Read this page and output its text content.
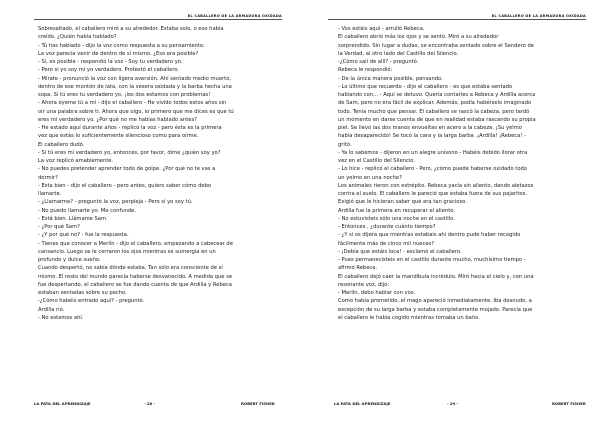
EL CABALLERO DE LA ARMADURA OXIDADA

Sobresaltado, el caballero miró a su alrededor. Estaba solo, o eso había

creído. ¿Quién había hablado?

- Tú has hablado - dijo la voz como respuesta a su pensamiento.

La voz parecía venir de dentro de sí mismo. ¿Eso era posible?

- Sí, es posible - respondió la voz - Soy tu verdadero yo.

- Pero si yo soy mi yo verdadero. Protestó el caballero.

- Mírate - pronunció la voz con ligera aversión. Ahí sentado medio muerto,

dentro de ese montón de lata, con la vesera oxidada y la barba hecha una

sopa. Si tú eres tu verdadero yo, ¡los dos estamos con problemas!

- Ahora óyeme tú a mí - dijo el caballero - He vivido todos estos años sin

oír una palabra sobre ti. Ahora que oigo, lo primero que me dices es que tú

eres mi verdadero yo. ¿Por qué no me habías hablado antes?

- He estado aquí durante años - replicó la voz - pero ésta es la primera

vez que estás lo suficientemente silencioso como para oírme.

El caballero dudó.

- Si tú eres mi verdadero yo, entonces, por favor, dime ¿quién soy yo?

La voz replicó amablemente.

- No puedes pretender aprender todo de golpe. ¿Por qué no te vas a

dormir?

- Esta bien - dijo el caballero - pero antes, quiero saber cómo debo

llamarte.

- ¿Llamarme? - preguntó la voz, perpleja - Pero sí yo soy tú.

- No puedo llamarte yo. Me confunde.

- Está bien. Llámame Sam.

- ¿Por qué Sam?

- ¿Y por qué no? - fue la respuesta.

- Tienes que conocer a Merlín - dijo el caballero, empezando a cabecear de

cansancio. Luego se le cerraron los ojos mientras se sumergía en un

profundo y dulce sueño.

Cuando despertó, no sabía dónde estaba. Tan sólo era consciente de sí

mismo. El resto del mundo parecía haberse desvanecido. A medida que se

fue despertando, el caballero se fue dando cuenta de que Ardilla y Rebeca

estaban sentadas sobre su pecho.

-¿Cómo habéis entrado aquí? - preguntó.

Ardilla rió.

- No estamos ahí.

LA PATA DEL APRENDIZAJE	- 28 -	ROBERT FISHER
EL CABALLERO DE LA ARMADURA OXIDADA

- Vos estáis aquí - arrulló Rebeca.

El caballero abrió más los ojos y se sentó. Miró a su alrededor

sorprendido. Sin lugar a dudas, se encontraba sentado sobre el Sendero de

la Verdad, al otro lado del Castillo del Silencio.

-¿Cómo salí de allí? - preguntó.

Rebeca le respondió:

- De la única manera posible, pensando.

- Lo último que recuerdo - dijo el caballero - es que estaba sentado

hablando con... - Aquí se detuvo. Quería contarles a Rebeca y Ardilla acerca

de Sam, pero no era fácil de explicar. Además, podía habérselo imaginado

todo. Tenía mucho que pensar. El caballero se rascó la cabeza, pero tardó

un momento en darse cuenta de que en realidad estaba rascando su propia

piel. Se llevó las dos manos envueltas en acero a la cabeza. ¡Su yelmo

había desaparecido! Se tocó la cara y la larga barba .¡Ardilla! ¡Rebeca! -

gritó.

- Ya lo sabemos - dijeron en un alegre unísono - Habéis debido llorar otra

vez en el Castillo del Silencio.

- Lo hice - replicó el caballero - Pero, ¿cómo puede haberse oxidado todo

un yelmo en una noche?

Los animales rieron con estrépito. Rebeca yacía sin aliento, dando aletazos

contra el suelo. El caballero le pareció que estaba fuera de sus pajaritos.

Exigió que le hicieran saber qué era tan gracioso.

Ardilla fue la primera en recuperar el aliento.

- No estuvisteis sólo una noche en el castillo.

- Entonces , ¿durante cuánto tiempo?

- ¿Y si os dijera que mientras estabais ahí dentro pude haber recogido

fácilmente más de cinco mil nueces?

- ¡Debía que estáis loca! - exclamó el caballero.

- Pues permanecisteis en el castillo durante mucho, muchísimo tiempo -

afirmó Rebeca.

El caballero dejó caer la mandíbula incrédulo. Miró hacia el cielo y, con una

resonante voz, dijo:

- Merlín, debo hablar con vos.

Como había prometido, el mago apareció inmediatamente. Iba desnudo, a

excepción de su larga barba y estaba completamente mojado. Parecía que

el caballero le había cogido mientras tomaba un baño.

LA PATA DEL APRENDIZAJE	- 29 -	ROBERT FISHER
